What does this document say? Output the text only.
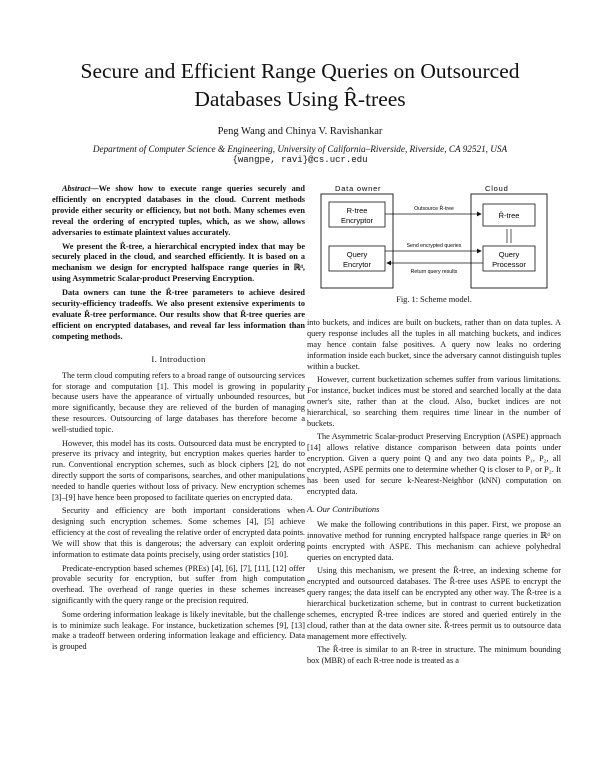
Secure and Efficient Range Queries on Outsourced
Databases Using R̂-trees
Peng Wang and Chinya V. Ravishankar
Department of Computer Science & Engineering, University of California–Riverside, Riverside, CA 92521, USA
{wangpe, ravi}@cs.ucr.edu

Abstract—We show how to execute range queries securely and efficiently on encrypted databases in the cloud. Current methods provide either security or efficiency, but not both. Many schemes even reveal the ordering of encrypted tuples, which, as we show, allows adversaries to estimate plaintext values accurately.

We present the R̂-tree, a hierarchical encrypted index that may be securely placed in the cloud, and searched efficiently. It is based on a mechanism we design for encrypted halfspace range queries in ℝᵈ, using Asymmetric Scalar-product Preserving Encryption.

Data owners can tune the R̂-tree parameters to achieve desired security-efficiency tradeoffs. We also present extensive experiments to evaluate R̂-tree performance. Our results show that R̂-tree queries are efficient on encrypted databases, and reveal far less information than competing methods.

I. Introduction

The term cloud computing refers to a broad range of outsourcing services for storage and computation [1]. This model is growing in popularity because users have the appearance of virtually unbounded resources, but more significantly, because they are relieved of the burden of managing these resources. Outsourcing of large databases has therefore become a well-studied topic.

However, this model has its costs. Outsourced data must be encrypted to preserve its privacy and integrity, but encryption makes queries harder to run. Conventional encryption schemes, such as block ciphers [2], do not directly support the sorts of comparisons, searches, and other manipulations needed to handle queries without loss of privacy. New encryption schemes [3]–[9] have hence been proposed to facilitate queries on encrypted data.

Security and efficiency are both important considerations when designing such encryption schemes. Some schemes [4], [5] achieve efficiency at the cost of revealing the relative order of encrypted data points. We will show that this is dangerous; the adversary can exploit ordering information to estimate data points precisely, using order statistics [10].

Predicate-encryption based schemes (PREs) [4], [6], [7], [11], [12] offer provable security for encryption, but suffer from high computation overhead. The overhead of range queries in these schemes increases significantly with the query range or the precision required.

Some ordering information leakage is likely inevitable, but the challenge is to minimize such leakage. For instance, bucketization schemes [9], [13] make a tradeoff between ordering information leakage and efficiency. Data is grouped

Data owner	Cloud
R-tree
Encryptor
Query
Encrytor
R̂-tree
Query
Processor
Outsource R̂-tree
Send encrypted queries
Return query results
Fig. 1: Scheme model.

into buckets, and indices are built on buckets, rather than on data tuples. A query response includes all the tuples in all matching buckets, and indices may hence contain false positives. A query now leaks no ordering information inside each bucket, since the adversary cannot distinguish tuples within a bucket.

However, current bucketization schemes suffer from various limitations. For instance, bucket indices must be stored and searched locally at the data owner's site, rather than at the cloud. Also, bucket indices are not hierarchical, so searching them requires time linear in the number of buckets.

The Asymmetric Scalar-product Preserving Encryption (ASPE) approach [14] allows relative distance comparison between data points under encryption. Given a query point Q and any two data points P₁, P₂, all encrypted, ASPE permits one to determine whether Q is closer to P₁ or P₂. It has been used for secure k-Nearest-Neighbor (kNN) computation on encrypted data.

A. Our Contributions

We make the following contributions in this paper. First, we propose an innovative method for running encrypted halfspace range queries in ℝᵈ on points encrypted with ASPE. This mechanism can achieve polyhedral queries on encrypted data.

Using this mechanism, we present the R̂-tree, an indexing scheme for encrypted and outsourced databases. The R̂-tree uses ASPE to encrypt the query ranges; the data itself can be encrypted any other way. The R̂-tree is a hierarchical bucketization scheme, but in contrast to current bucketization schemes, encrypted R̂-tree indices are stored and queried entirely in the cloud, rather than at the data owner site. R̂-trees permit us to outsource data management more effectively.

The R̂-tree is similar to an R-tree in structure. The minimum bounding box (MBR) of each R-tree node is treated as a
